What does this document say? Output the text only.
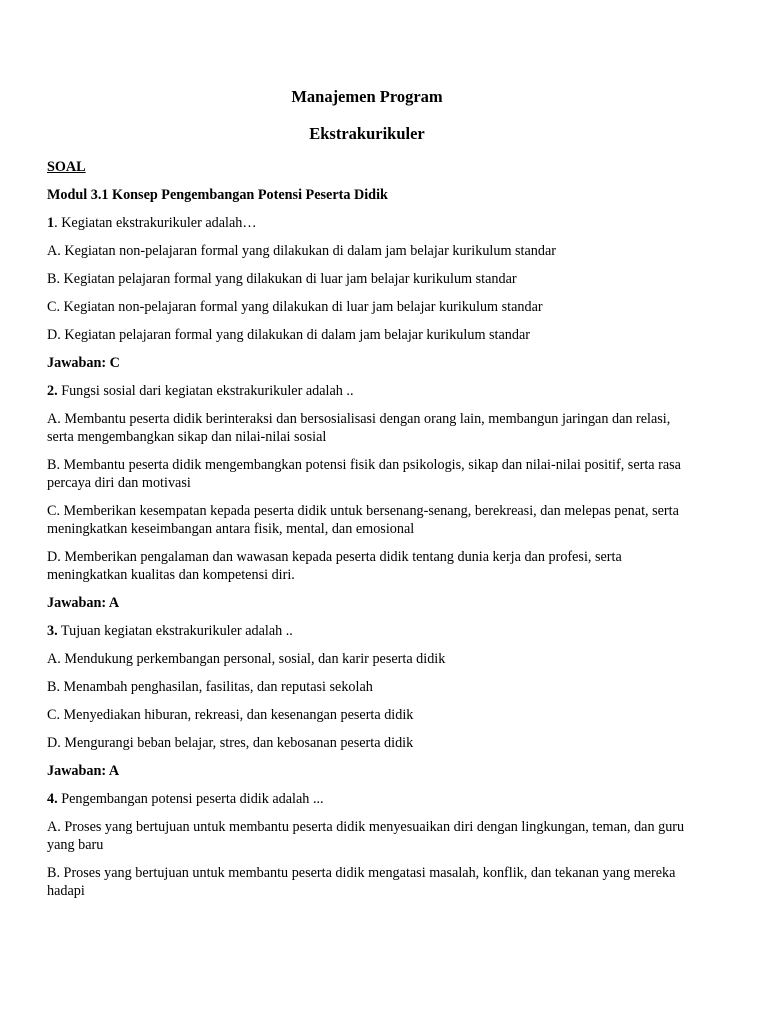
Manajemen Program
Ekstrakurikuler
SOAL
Modul 3.1 Konsep Pengembangan Potensi Peserta Didik
1. Kegiatan ekstrakurikuler adalah…
A. Kegiatan non-pelajaran formal yang dilakukan di dalam jam belajar kurikulum standar
B. Kegiatan pelajaran formal yang dilakukan di luar jam belajar kurikulum standar
C. Kegiatan non-pelajaran formal yang dilakukan di luar jam belajar kurikulum standar
D. Kegiatan pelajaran formal yang dilakukan di dalam jam belajar kurikulum standar
Jawaban: C
2. Fungsi sosial dari kegiatan ekstrakurikuler adalah ..
A. Membantu peserta didik berinteraksi dan bersosialisasi dengan orang lain, membangun jaringan dan relasi, serta mengembangkan sikap dan nilai-nilai sosial
B. Membantu peserta didik mengembangkan potensi fisik dan psikologis, sikap dan nilai-nilai positif, serta rasa percaya diri dan motivasi
C. Memberikan kesempatan kepada peserta didik untuk bersenang-senang, berekreasi, dan melepas penat, serta meningkatkan keseimbangan antara fisik, mental, dan emosional
D. Memberikan pengalaman dan wawasan kepada peserta didik tentang dunia kerja dan profesi, serta meningkatkan kualitas dan kompetensi diri.
Jawaban: A
3. Tujuan kegiatan ekstrakurikuler adalah ..
A. Mendukung perkembangan personal, sosial, dan karir peserta didik
B. Menambah penghasilan, fasilitas, dan reputasi sekolah
C. Menyediakan hiburan, rekreasi, dan kesenangan peserta didik
D. Mengurangi beban belajar, stres, dan kebosanan peserta didik
Jawaban: A
4. Pengembangan potensi peserta didik adalah ...
A. Proses yang bertujuan untuk membantu peserta didik menyesuaikan diri dengan lingkungan, teman, dan guru yang baru
B. Proses yang bertujuan untuk membantu peserta didik mengatasi masalah, konflik, dan tekanan yang mereka hadapi
